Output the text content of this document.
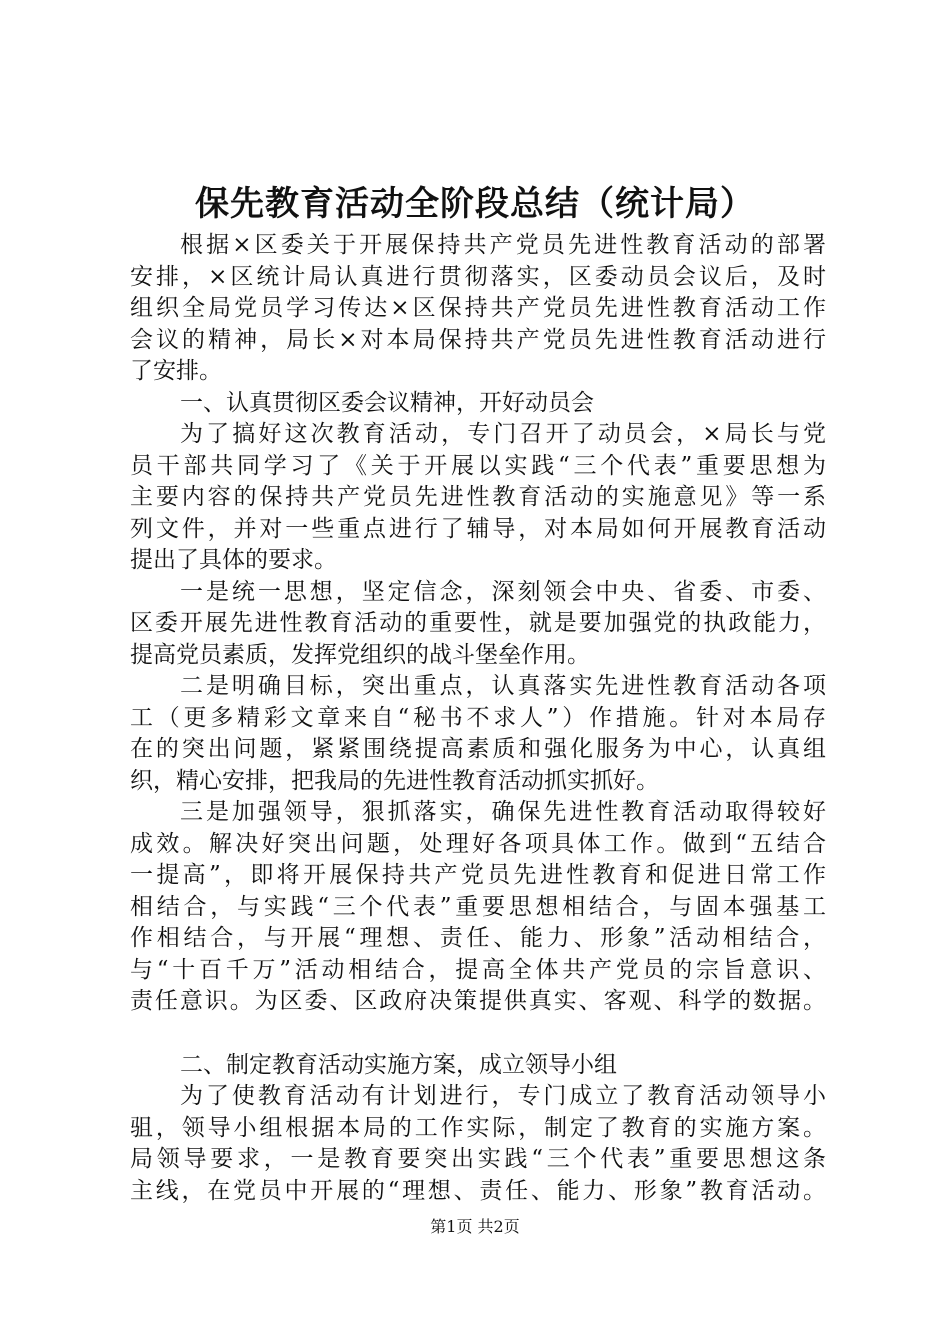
保先教育活动全阶段总结（统计局）
根据×区委关于开展保持共产党员先进性教育活动的部署
安排，×区统计局认真进行贯彻落实，区委动员会议后，及时
组织全局党员学习传达×区保持共产党员先进性教育活动工作
会议的精神，局长×对本局保持共产党员先进性教育活动进行
了安排。
一、认真贯彻区委会议精神，开好动员会
为了搞好这次教育活动，专门召开了动员会，×局长与党
员干部共同学习了《关于开展以实践“三个代表”重要思想为
主要内容的保持共产党员先进性教育活动的实施意见》等一系
列文件，并对一些重点进行了辅导，对本局如何开展教育活动
提出了具体的要求。
一是统一思想，坚定信念，深刻领会中央、省委、市委、
区委开展先进性教育活动的重要性，就是要加强党的执政能力，
提高党员素质，发挥党组织的战斗堡垒作用。
二是明确目标，突出重点，认真落实先进性教育活动各项
工（更多精彩文章来自“秘书不求人”）作措施。针对本局存
在的突出问题，紧紧围绕提高素质和强化服务为中心，认真组
织，精心安排，把我局的先进性教育活动抓实抓好。
三是加强领导，狠抓落实，确保先进性教育活动取得较好
成效。解决好突出问题，处理好各项具体工作。做到“五结合
一提高”，即将开展保持共产党员先进性教育和促进日常工作
相结合，与实践“三个代表”重要思想相结合，与固本强基工
作相结合，与开展“理想、责任、能力、形象”活动相结合，
与“十百千万”活动相结合，提高全体共产党员的宗旨意识、
责任意识。为区委、区政府决策提供真实、客观、科学的数据。
二、制定教育活动实施方案，成立领导小组
为了使教育活动有计划进行，专门成立了教育活动领导小
驵，领导小组根据本局的工作实际，制定了教育的实施方案。
局领导要求，一是教育要突出实践“三个代表”重要思想这条
主线，在党员中开展的“理想、责任、能力、形象”教育活动。
第1页 共2页
